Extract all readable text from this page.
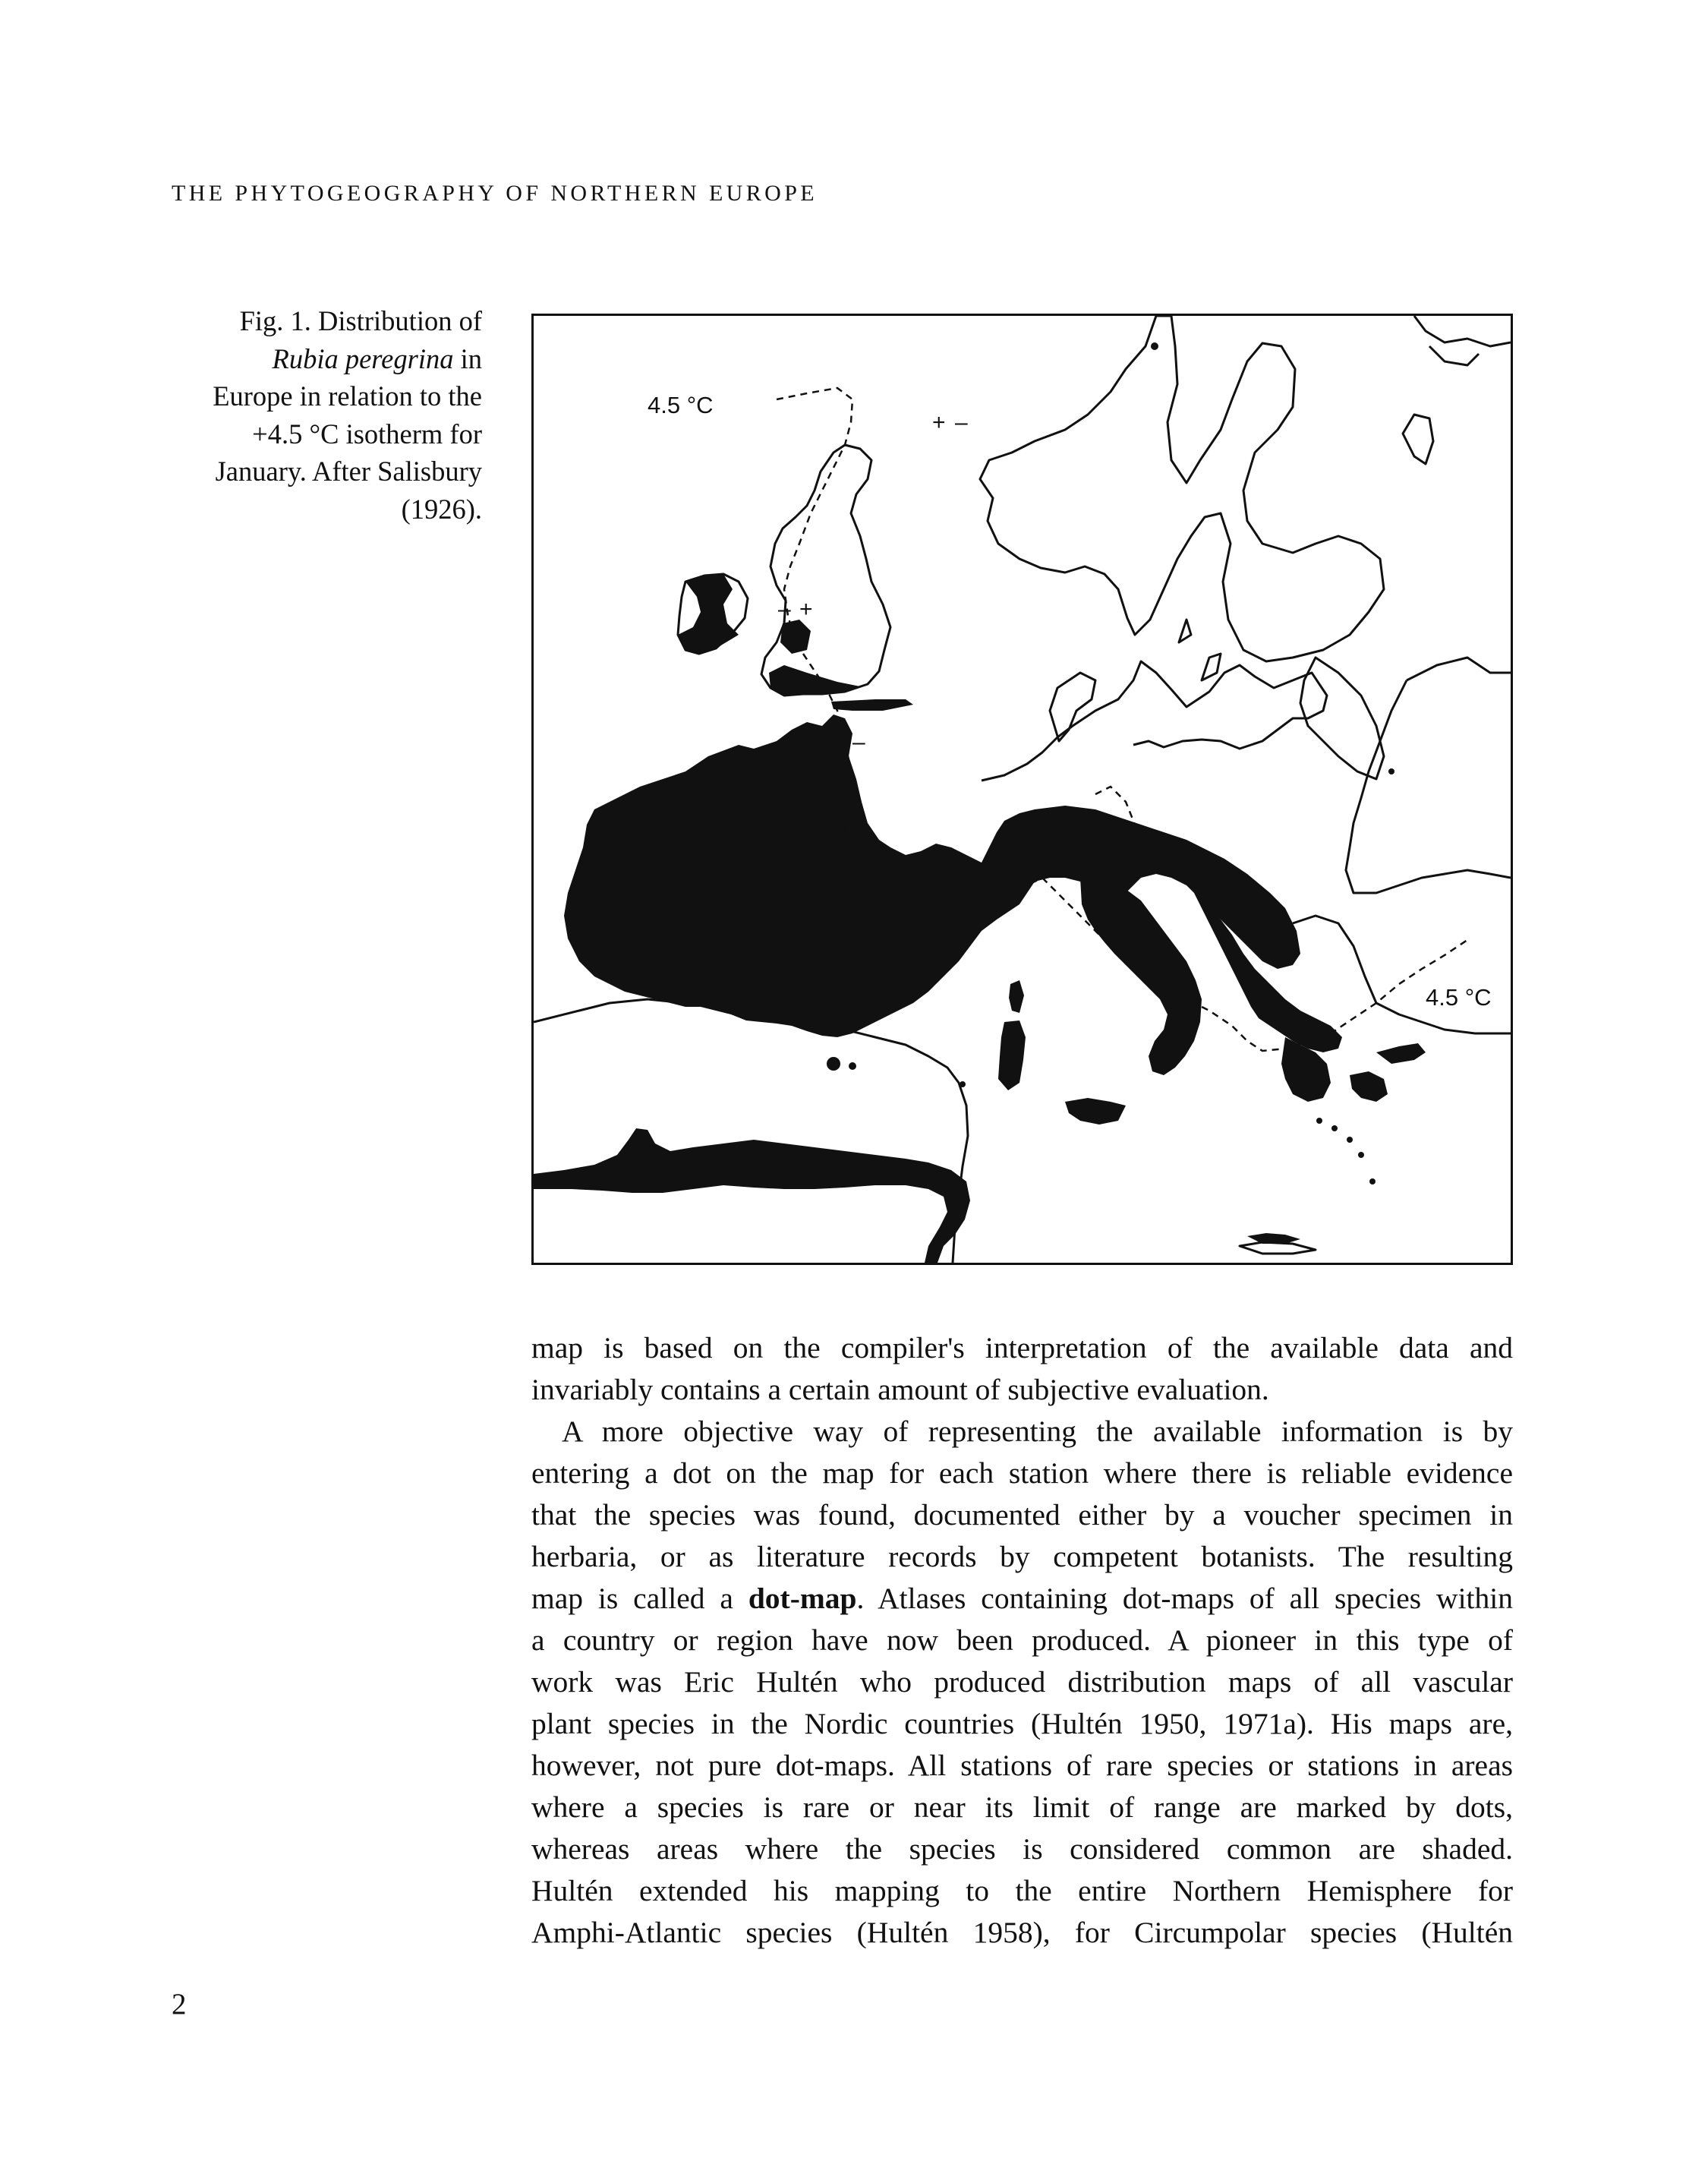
THE PHYTOGEOGRAPHY OF NORTHERN EUROPE
Fig. 1. Distribution of
Rubia peregrina in
Europe in relation to the
+4.5 °C isotherm for
January. After Salisbury
(1926).
4.5 °C
4.5 °C
+ –
+ –
+
–
map is based on the compiler's interpretation of the available data and
invariably contains a certain amount of subjective evaluation.
A more objective way of representing the available information is by
entering a dot on the map for each station where there is reliable evidence
that the species was found, documented either by a voucher specimen in
herbaria, or as literature records by competent botanists. The resulting
map is called a dot-map. Atlases containing dot-maps of all species within
a country or region have now been produced. A pioneer in this type of
work was Eric Hultén who produced distribution maps of all vascular
plant species in the Nordic countries (Hultén 1950, 1971a). His maps are,
however, not pure dot-maps. All stations of rare species or stations in areas
where a species is rare or near its limit of range are marked by dots,
whereas areas where the species is considered common are shaded.
Hultén extended his mapping to the entire Northern Hemisphere for
Amphi-Atlantic species (Hultén 1958), for Circumpolar species (Hultén
2
